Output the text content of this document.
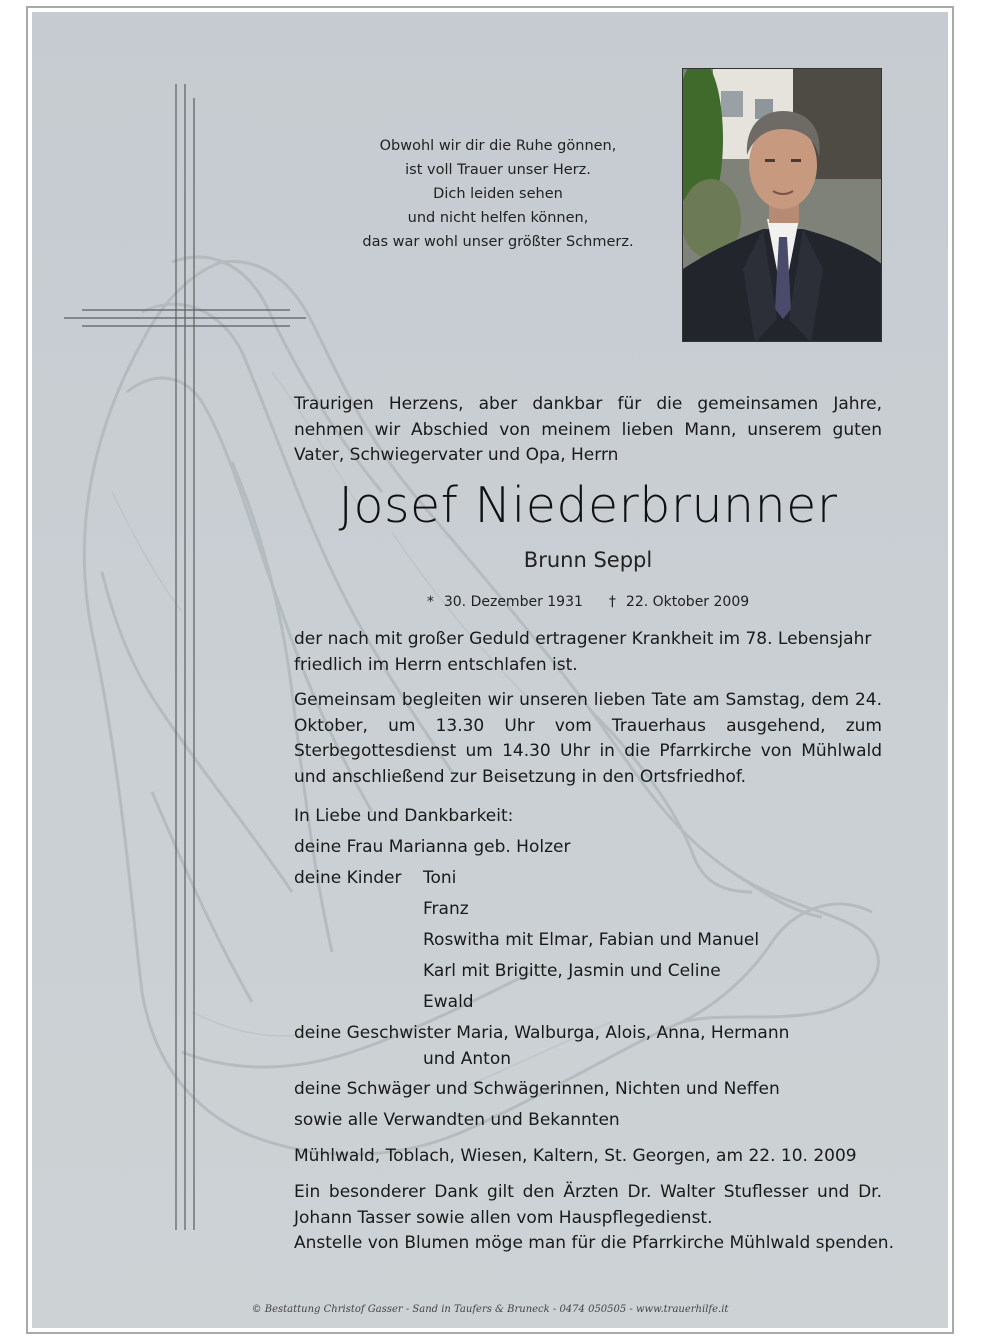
Obwohl wir dir die Ruhe gönnen,
ist voll Trauer unser Herz.
Dich leiden sehen
und nicht helfen können,
das war wohl unser größter Schmerz.
Traurigen Herzens, aber dankbar für die gemeinsamen Jahre, nehmen wir Abschied von meinem lieben Mann, unserem guten Vater, Schwiegervater und Opa, Herrn
Josef Niederbrunner
Brunn Seppl
* 30. Dezember 1931 † 22. Oktober 2009
der nach mit großer Geduld ertragener Krankheit im 78. Lebensjahr friedlich im Herrn entschlafen ist.
Gemeinsam begleiten wir unseren lieben Tate am Samstag, dem 24. Oktober, um 13.30 Uhr vom Trauerhaus ausgehend, zum Sterbegottesdienst um 14.30 Uhr in die Pfarrkirche von Mühlwald und anschließend zur Beisetzung in den Ortsfriedhof.
In Liebe und Dankbarkeit:
deine Frau Marianna geb. Holzer
deine Kinder Toni
Franz
Roswitha mit Elmar, Fabian und Manuel
Karl mit Brigitte, Jasmin und Celine
Ewald
deine Geschwister Maria, Walburga, Alois, Anna, Hermann
und Anton
deine Schwäger und Schwägerinnen, Nichten und Neffen
sowie alle Verwandten und Bekannten
Mühlwald, Toblach, Wiesen, Kaltern, St. Georgen, am 22. 10. 2009
Ein besonderer Dank gilt den Ärzten Dr. Walter Stuflesser und Dr. Johann Tasser sowie allen vom Hauspflegedienst.
Anstelle von Blumen möge man für die Pfarrkirche Mühlwald spenden.
© Bestattung Christof Gasser - Sand in Taufers & Bruneck - 0474 050505 - www.trauerhilfe.it
